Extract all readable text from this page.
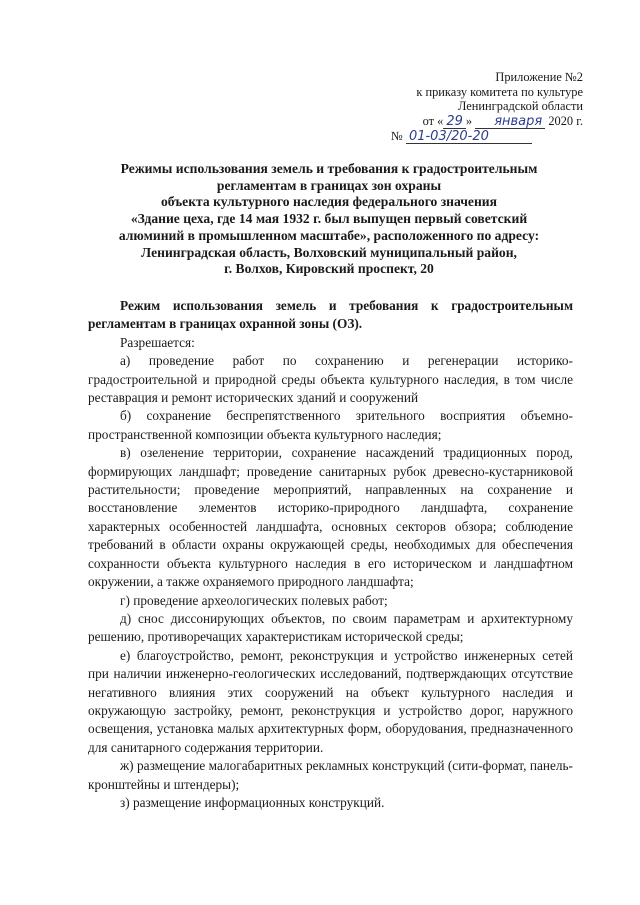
Приложение №2
к приказу комитета по культуре
Ленинградской области
от « 29 » января 2020 г.
№ 01-03/20-20
Режимы использования земель и требования к градостроительным
регламентам в границах зон охраны
объекта культурного наследия федерального значения
«Здание цеха, где 14 мая 1932 г. был выпущен первый советский
алюминий в промышленном масштабе», расположенного по адресу:
Ленинградская область, Волховский муниципальный район,
г. Волхов, Кировский проспект, 20

Режим использования земель и требования к градостроительным регламентам в границах охранной зоны (ОЗ).

Разрешается:

а) проведение работ по сохранению и регенерации историко-градостроительной и природной среды объекта культурного наследия, в том числе реставрация и ремонт исторических зданий и сооружений

б) сохранение беспрепятственного зрительного восприятия объемно-пространственной композиции объекта культурного наследия;

в) озеленение территории, сохранение насаждений традиционных пород, формирующих ландшафт; проведение санитарных рубок древесно-кустарниковой растительности; проведение мероприятий, направленных на сохранение и восстановление элементов историко-природного ландшафта, сохранение характерных особенностей ландшафта, основных секторов обзора; соблюдение требований в области охраны окружающей среды, необходимых для обеспечения сохранности объекта культурного наследия в его историческом и ландшафтном окружении, а также охраняемого природного ландшафта;

г) проведение археологических полевых работ;

д) снос диссонирующих объектов, по своим параметрам и архитектурному решению, противоречащих характеристикам исторической среды;

е) благоустройство, ремонт, реконструкция и устройство инженерных сетей при наличии инженерно-геологических исследований, подтверждающих отсутствие негативного влияния этих сооружений на объект культурного наследия и окружающую застройку, ремонт, реконструкция и устройство дорог, наружного освещения, установка малых архитектурных форм, оборудования, предназначенного для санитарного содержания территории.

ж) размещение малогабаритных рекламных конструкций (сити-формат, панель-кронштейны и штендеры);

з) размещение информационных конструкций.
